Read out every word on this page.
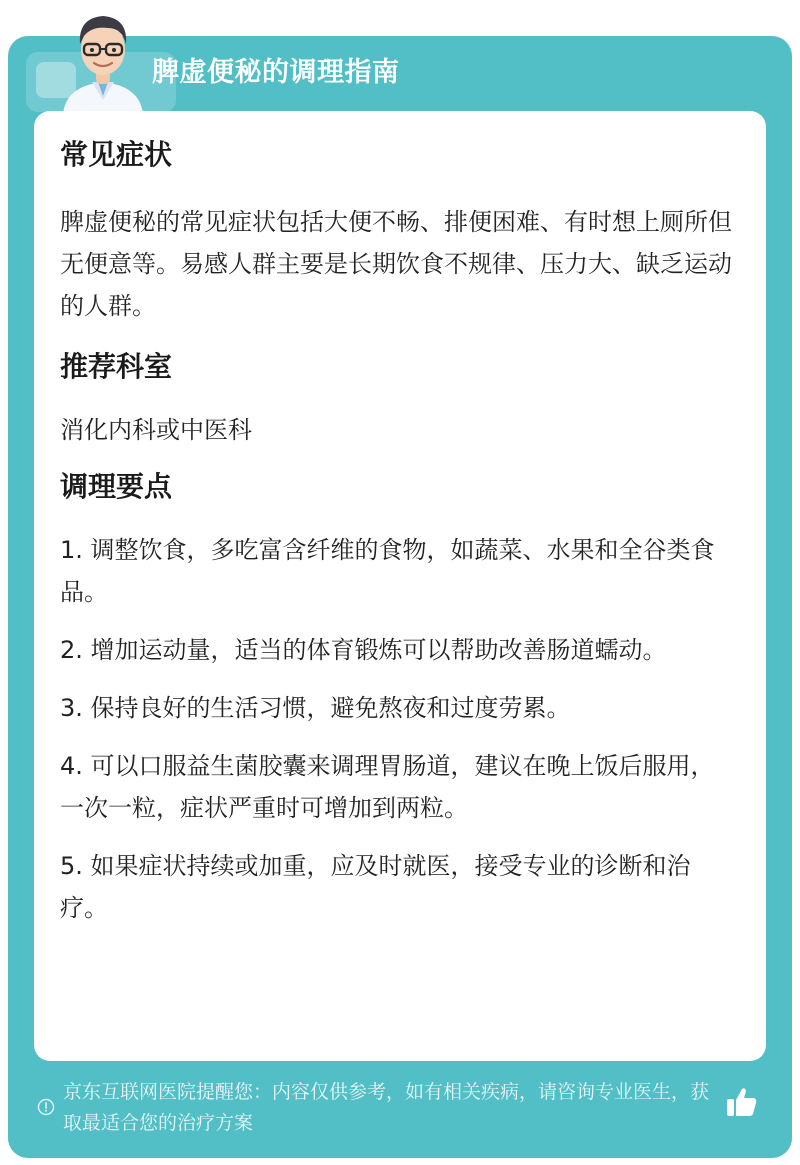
脾虚便秘的调理指南
常见症状

脾虚便秘的常见症状包括大便不畅、排便困难、有时想上厕所但无便意等。易感人群主要是长期饮食不规律、压力大、缺乏运动的人群。

推荐科室

消化内科或中医科

调理要点

1. 调整饮食，多吃富含纤维的食物，如蔬菜、水果和全谷类食品。

2. 增加运动量，适当的体育锻炼可以帮助改善肠道蠕动。

3. 保持良好的生活习惯，避免熬夜和过度劳累。

4. 可以口服益生菌胶囊来调理胃肠道，建议在晚上饭后服用，一次一粒，症状严重时可增加到两粒。

5. 如果症状持续或加重，应及时就医，接受专业的诊断和治疗。

京东互联网医院提醒您：内容仅供参考，如有相关疾病，请咨询专业医生，获取最适合您的治疗方案
